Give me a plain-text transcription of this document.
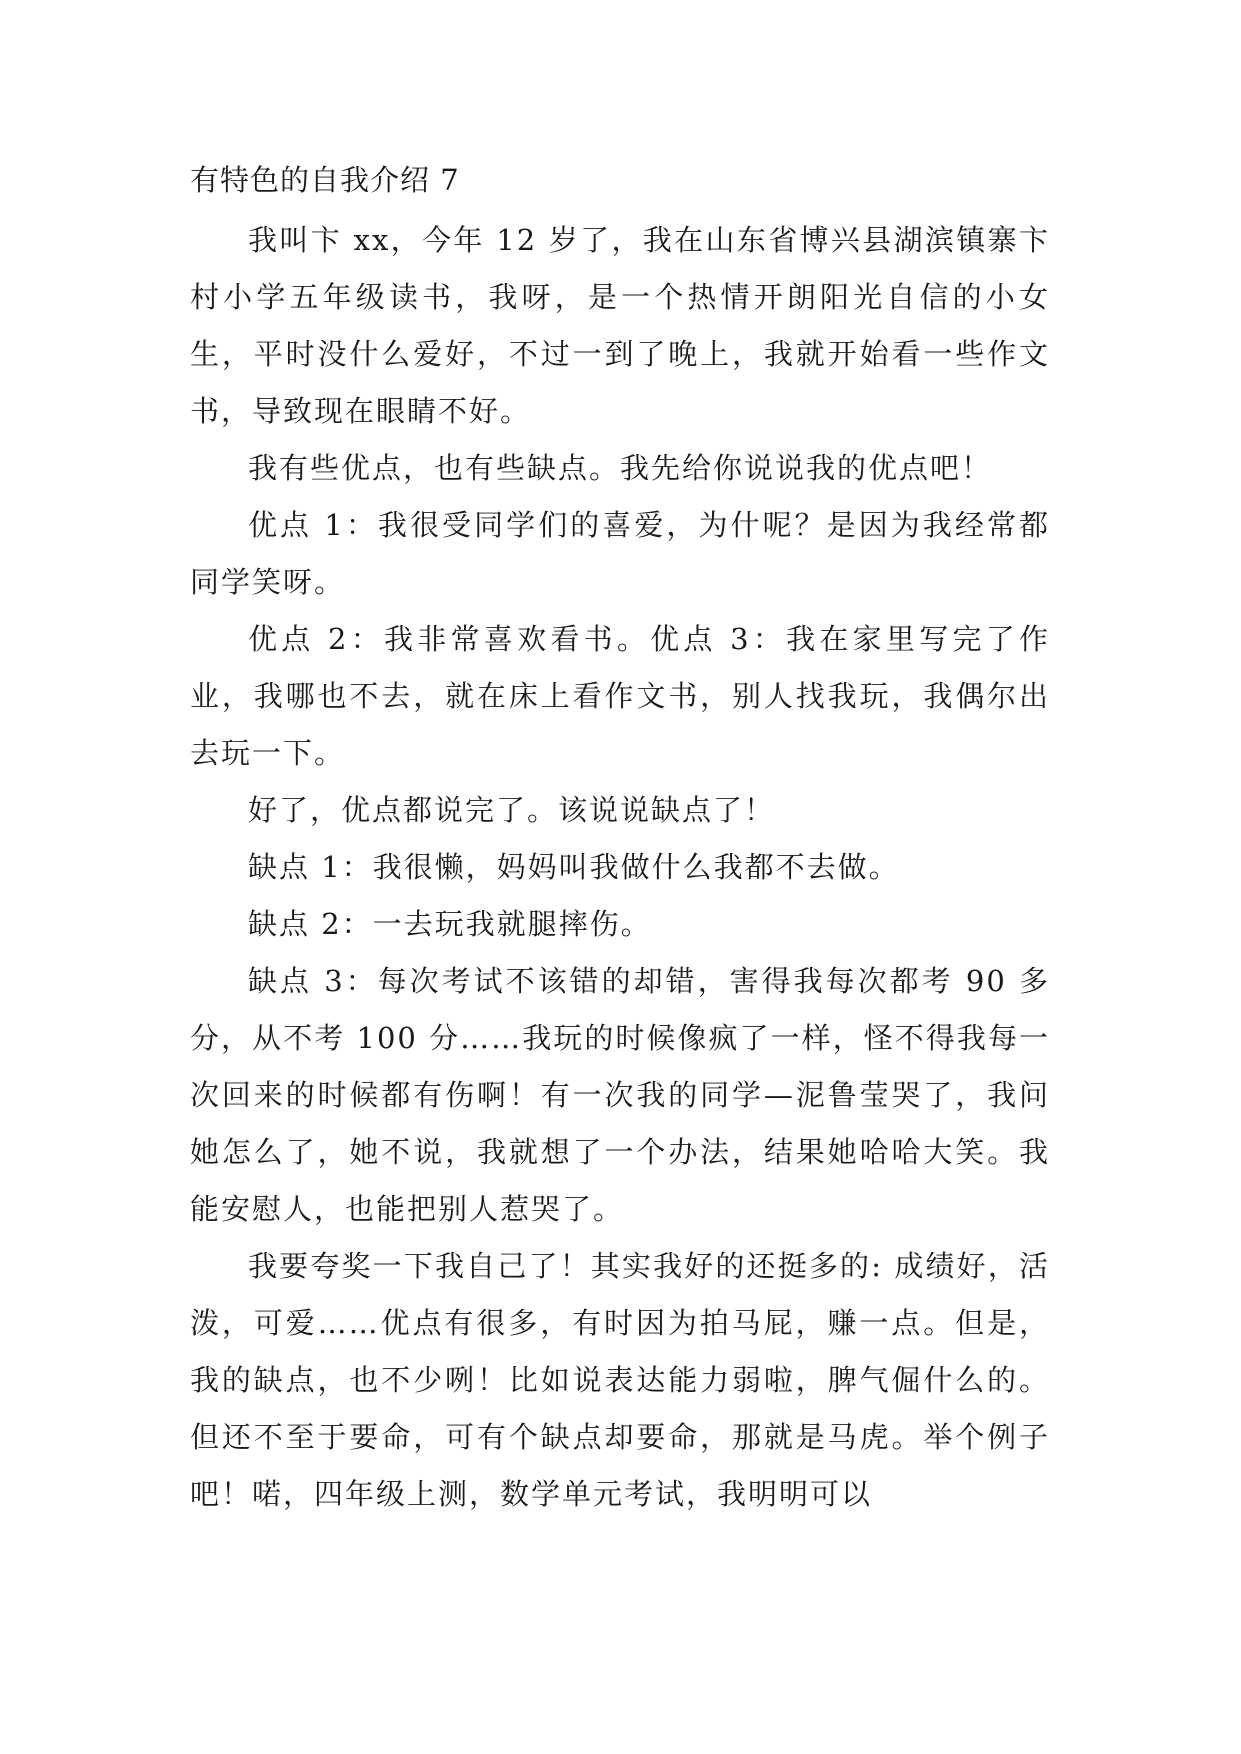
有特色的自我介绍 7

我叫卞 xx，今年 12 岁了，我在山东省博兴县湖滨镇寨卞村小学五年级读书，我呀，是一个热情开朗阳光自信的小女生，平时没什么爱好，不过一到了晚上，我就开始看一些作文书，导致现在眼睛不好。

我有些优点，也有些缺点。我先给你说说我的优点吧！

优点 1：我很受同学们的喜爱，为什呢？是因为我经常都同学笑呀。

优点 2：我非常喜欢看书。优点 3：我在家里写完了作业，我哪也不去，就在床上看作文书，别人找我玩，我偶尔出去玩一下。

好了，优点都说完了。该说说缺点了！

缺点 1：我很懒，妈妈叫我做什么我都不去做。

缺点 2：一去玩我就腿摔伤。

缺点 3：每次考试不该错的却错，害得我每次都考 90 多分，从不考 100 分……我玩的时候像疯了一样，怪不得我每一次回来的时候都有伤啊！有一次我的同学—泥鲁莹哭了，我问她怎么了，她不说，我就想了一个办法，结果她哈哈大笑。我能安慰人，也能把别人惹哭了。

我要夸奖一下我自己了！其实我好的还挺多的: 成绩好，活泼，可爱……优点有很多，有时因为拍马屁，赚一点。但是，我的缺点，也不少咧！比如说表达能力弱啦，脾气倔什么的。但还不至于要命，可有个缺点却要命，那就是马虎。举个例子吧！喏，四年级上测，数学单元考试，我明明可以
